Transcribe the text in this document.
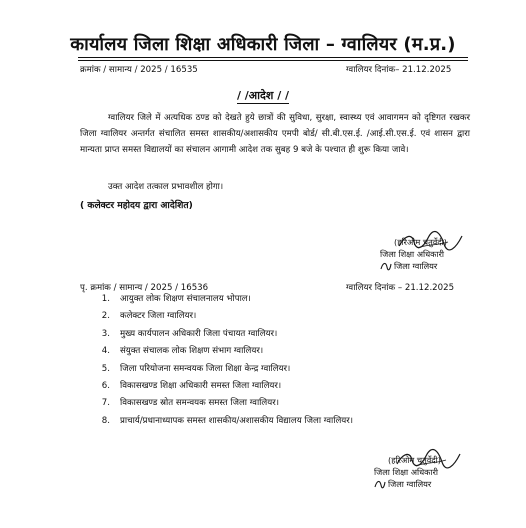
कार्यालय जिला शिक्षा अधिकारी जिला – ग्वालियर (म.प्र.)
क्रमांक / सामान्य / 2025 / 16535	ग्वालियर दिनांक– 21.12.2025
/ /आदेश / /
ग्वालियर जिले में अत्यधिक ठण्ड को देखते हुये छात्रों की सुविधा, सुरक्षा, स्वास्थ्य एवं आवागमन को दृष्टिगत रखकर जिला ग्वालियर अन्तर्गत संचालित समस्त शासकीय/अशासकीय एमपी बोर्ड/ सी.बी.एस.ई. /आई.सी.एस.ई. एवं शासन द्वारा मान्यता प्राप्त समस्त विद्यालयों का संचालन आगामी आदेश तक सुबह 9 बजे के पश्चात ही शुरू किया जावे।
उक्त आदेश तत्काल प्रभावशील होगा।
( कलेक्टर महोदय द्वारा आदेशित)
(हरिओम चतुर्वेदी)
जिला शिक्षा अधिकारी
जिला ग्वालियर
पृ. क्रमांक / सामान्य / 2025 / 16536	ग्वालियर दिनांक – 21.12.2025
1. आयुक्त लोक शिक्षण संचालनालय भोपाल।
2. कलेक्टर जिला ग्वालियर।
3. मुख्य कार्यपालन अधिकारी जिला पंचायत ग्वालियर।
4. संयुक्त संचालक लोक शिक्षण संभाग ग्वालियर।
5. जिला परियोजना समन्वयक जिला शिक्षा केन्द्र ग्वालियर।
6. विकासखण्ड शिक्षा अधिकारी समस्त जिला ग्वालियर।
7. विकासखण्ड स्रोत समन्वयक समस्त जिला ग्वालियर।
8. प्राचार्य/प्रधानाध्यापक समस्त शासकीय/अशासकीय विद्यालय जिला ग्वालियर।
(हरिओम चतुर्वेदी)
जिला शिक्षा अधिकारी
जिला ग्वालियर
